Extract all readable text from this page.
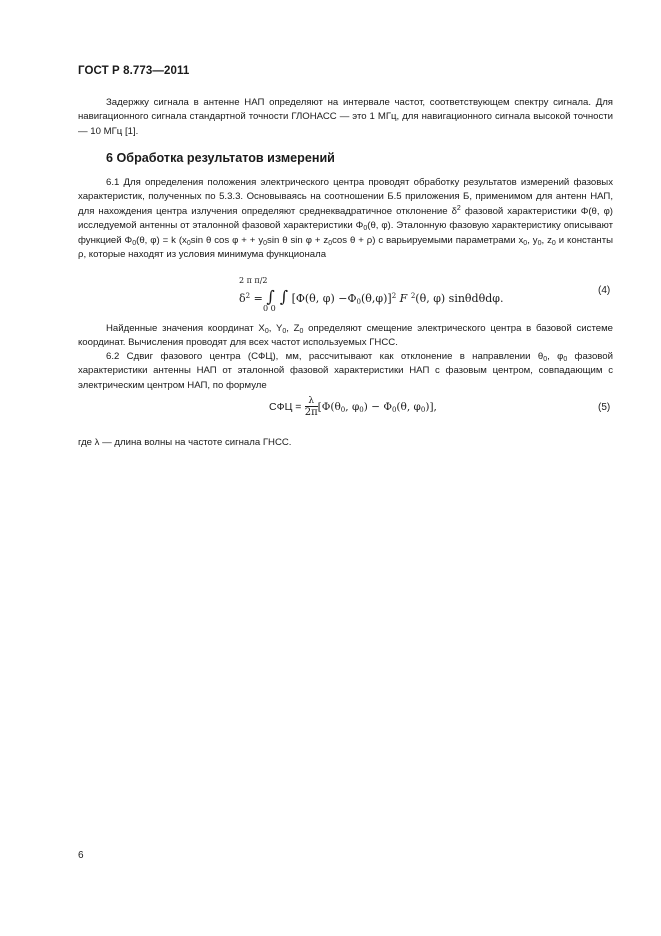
ГОСТ Р 8.773—2011

Задержку сигнала в антенне НАП определяют на интервале частот, соответствующем спектру сигнала. Для навигационного сигнала стандартной точности ГЛОНАСС — это 1 МГц, для навигационного сигнала высокой точности — 10 МГц [1].

6 Обработка результатов измерений

6.1 Для определения положения электрического центра проводят обработку результатов измерений фазовых характеристик, полученных по 5.3.3. Основываясь на соотношении Б.5 приложения Б, применимом для антенн НАП, для нахождения центра излучения определяют среднеквадратичное отклонение $\delta^2$ фазовой характеристики Φ(θ, φ) исследуемой антенны от эталонной фазовой характеристики $\Phi_0(\theta$, φ). Эталонную фазовую характеристику описывают функцией $\Phi_0(\theta$, φ) = k ($x_0\sin$ θ cos φ + + $y_0\sin$ θ $\sin \varphi + z_0\cos$ θ + ρ) с варьируемыми параметрами $x_0$, $y_0$, $z_0$ и константы ρ, которые находят из условия минимума функционала

2 π π/2
$\delta^2$ = ∫ ∫ [Φ(θ, $\varphi) -\Phi_0(\theta,\varphi)]^2$ F $^2$(θ, φ) sinθdθdφ.
0 0
(4)

Найденные значения координат $X_0$, $Y_0$, $Z_0$ определяют смещение электрического центра в базовой системе координат. Вычисления проводят для всех частот используемых ГНСС.

6.2 Сдвиг фазового центра (СФЦ), мм, рассчитывают как отклонение в направлении $\theta_0$, $\varphi_0$ фазовой характеристики антенны НАП от эталонной фазовой характеристики НАП с фазовым центром, совпадающим с электрическим центром НАП, по формуле

СФЦ = $\frac{\lambda}{2\pi} [\Phi(\theta_0$, $\varphi_0) - \Phi_0(\theta$, $\varphi_0$)],	(5)

где λ — длина волны на частоте сигнала ГНСС.

6
